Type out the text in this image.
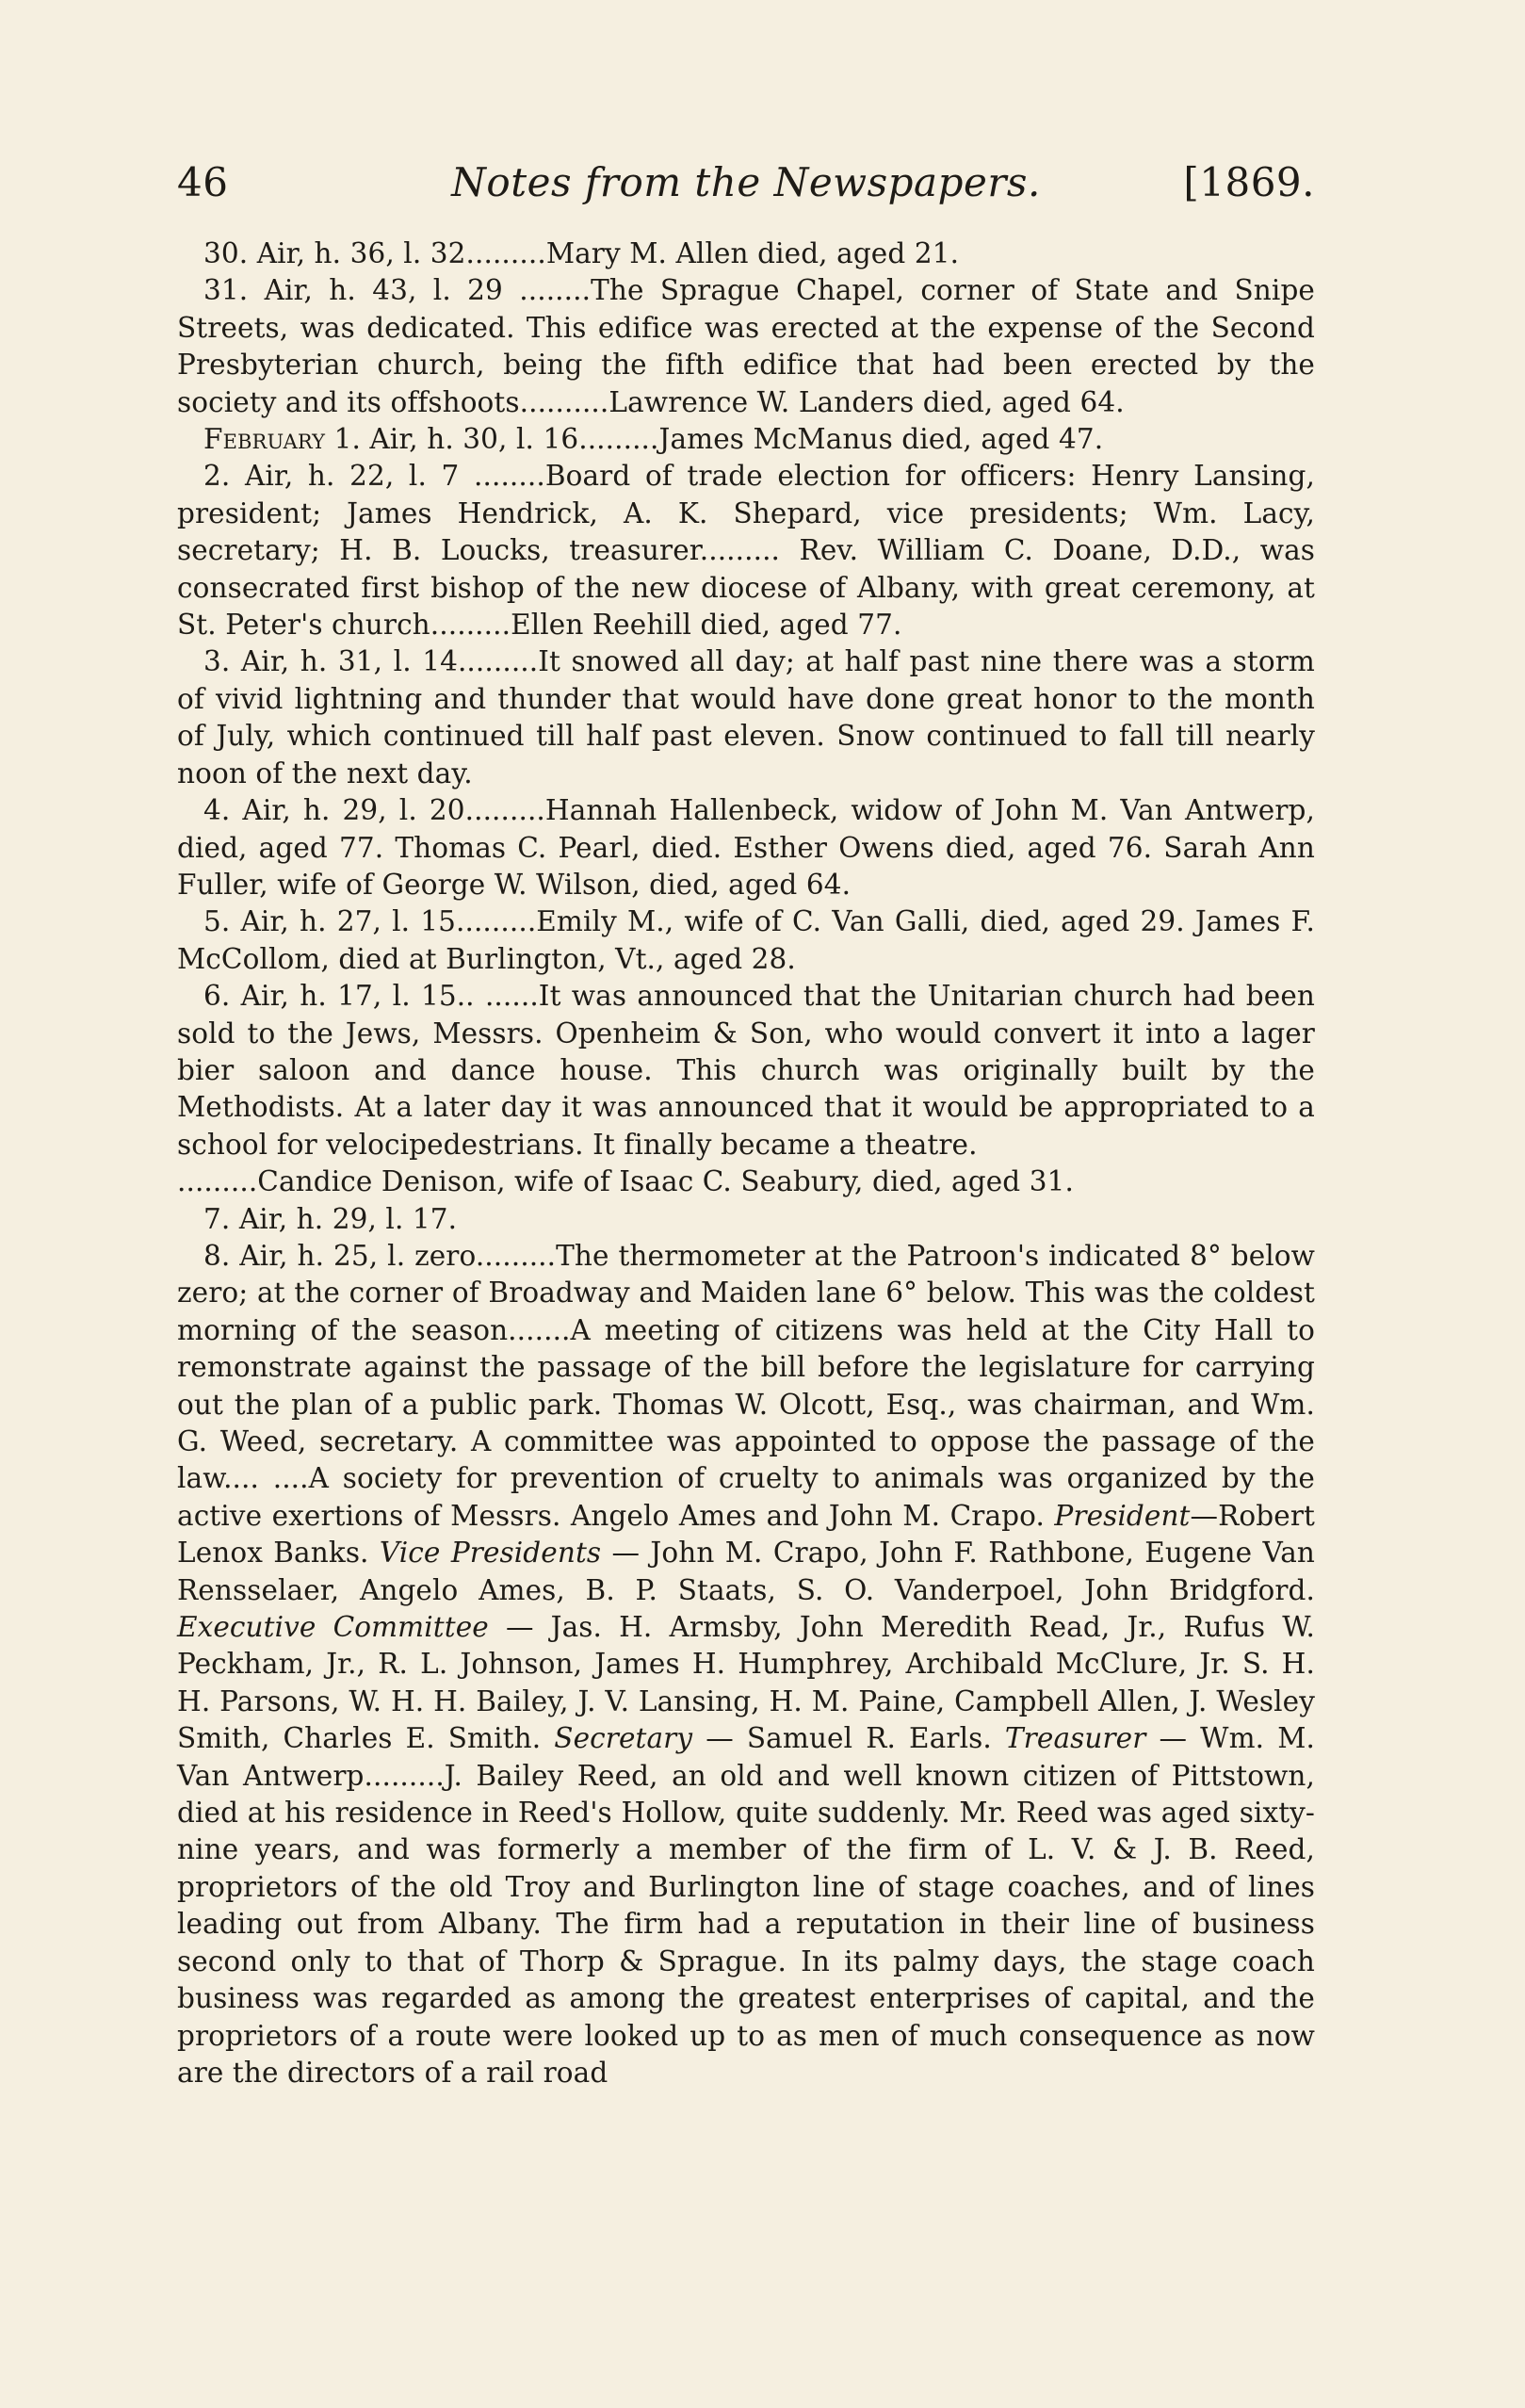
46	Notes from the Newspapers.	[1869.

30. Air, h. 36, l. 32.........Mary M. Allen died, aged 21.

31. Air, h. 43, l. 29 ........The Sprague Chapel, corner of State and Snipe Streets, was dedicated. This edifice was erected at the expense of the Second Presbyterian church, being the fifth edifice that had been erected by the society and its offshoots..........Lawrence W. Landers died, aged 64.

February 1. Air, h. 30, l. 16.........James McManus died, aged 47.

2. Air, h. 22, l. 7 ........Board of trade election for officers: Henry Lansing, president; James Hendrick, A. K. Shepard, vice presidents; Wm. Lacy, secretary; H. B. Loucks, treasurer......... Rev. William C. Doane, D.D., was consecrated first bishop of the new diocese of Albany, with great ceremony, at St. Peter's church.........Ellen Reehill died, aged 77.

3. Air, h. 31, l. 14.........It snowed all day; at half past nine there was a storm of vivid lightning and thunder that would have done great honor to the month of July, which continued till half past eleven. Snow continued to fall till nearly noon of the next day.

4. Air, h. 29, l. 20.........Hannah Hallenbeck, widow of John M. Van Antwerp, died, aged 77. Thomas C. Pearl, died. Esther Owens died, aged 76. Sarah Ann Fuller, wife of George W. Wilson, died, aged 64.

5. Air, h. 27, l. 15.........Emily M., wife of C. Van Galli, died, aged 29. James F. McCollom, died at Burlington, Vt., aged 28.

6. Air, h. 17, l. 15.. ......It was announced that the Unitarian church had been sold to the Jews, Messrs. Openheim & Son, who would convert it into a lager bier saloon and dance house. This church was originally built by the Methodists. At a later day it was announced that it would be appropriated to a school for velocipedestrians. It finally became a theatre.

.........Candice Denison, wife of Isaac C. Seabury, died, aged 31.

7. Air, h. 29, l. 17.

8. Air, h. 25, l. zero.........The thermometer at the Patroon's indicated 8° below zero; at the corner of Broadway and Maiden lane 6° below. This was the coldest morning of the season.......A meeting of citizens was held at the City Hall to remonstrate against the passage of the bill before the legislature for carrying out the plan of a public park. Thomas W. Olcott, Esq., was chairman, and Wm. G. Weed, secretary. A committee was appointed to oppose the passage of the law.... ....A society for prevention of cruelty to animals was organized by the active exertions of Messrs. Angelo Ames and John M. Crapo. President—Robert Lenox Banks. Vice Presidents — John M. Crapo, John F. Rathbone, Eugene Van Rensselaer, Angelo Ames, B. P. Staats, S. O. Vanderpoel, John Bridgford. Executive Committee — Jas. H. Armsby, John Meredith Read, Jr., Rufus W. Peckham, Jr., R. L. Johnson, James H. Humphrey, Archibald McClure, Jr. S. H. H. Parsons, W. H. H. Bailey, J. V. Lansing, H. M. Paine, Campbell Allen, J. Wesley Smith, Charles E. Smith. Secretary — Samuel R. Earls. Treasurer — Wm. M. Van Antwerp.........J. Bailey Reed, an old and well known citizen of Pittstown, died at his residence in Reed's Hollow, quite suddenly. Mr. Reed was aged sixty-nine years, and was formerly a member of the firm of L. V. & J. B. Reed, proprietors of the old Troy and Burlington line of stage coaches, and of lines leading out from Albany. The firm had a reputation in their line of business second only to that of Thorp & Sprague. In its palmy days, the stage coach business was regarded as among the greatest enterprises of capital, and the proprietors of a route were looked up to as men of much consequence as now are the directors of a rail road
